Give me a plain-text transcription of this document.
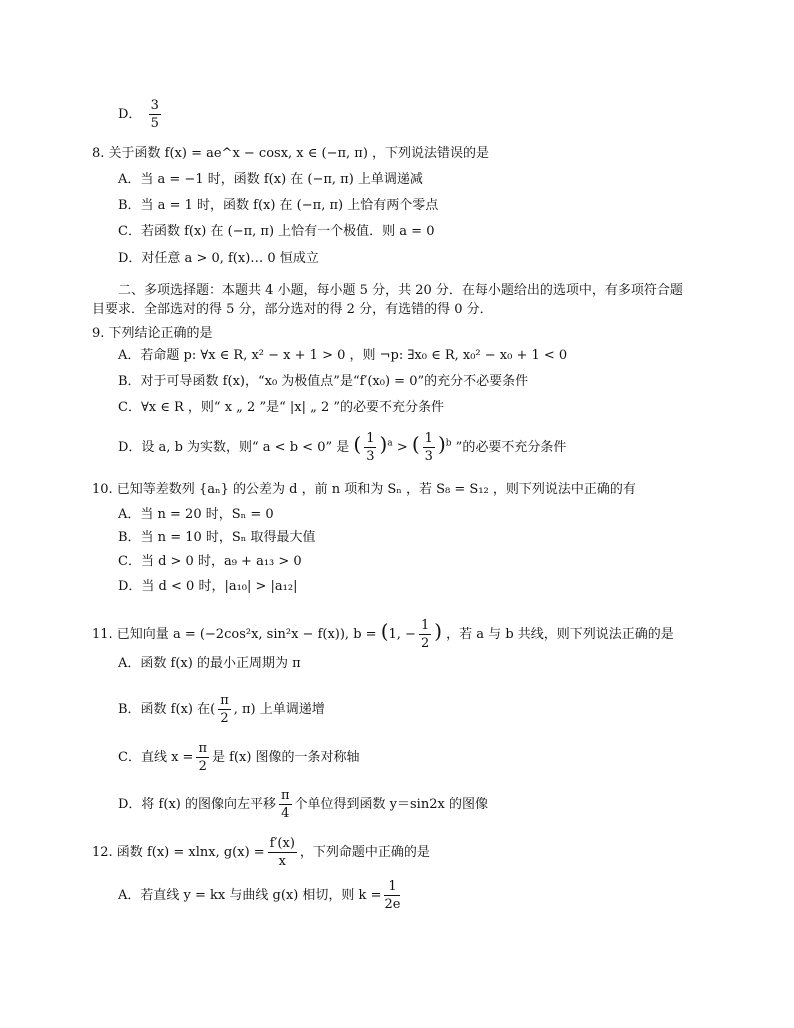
D． $\frac{3}{5}$
8. 关于函数 f(x) = ae^x − cosx, x ∈ (−π, π) ，下列说法错误的是
A．当 a = −1 时，函数 f(x) 在 (−π, π) 上单调递减
B．当 a = 1 时，函数 f(x) 在 (−π, π) 上恰有两个零点
C．若函数 f(x) 在 (−π, π) 上恰有一个极值．则 a = 0
D．对任意 a > 0, f(x)… 0 恒成立
二、多项选择题：本题共 4 小题，每小题 5 分，共 20 分．在每小题给出的选项中，有多项符合题
目要求．全部选对的得 5 分，部分选对的得 2 分，有选错的得 0 分．
9. 下列结论正确的是
A．若命题 p: ∀x ∈ R, x² − x + 1 > 0 ，则 ¬p: ∃x₀ ∈ R, x₀² − x₀ + 1 < 0
B．对于可导函数 f(x)，“x₀ 为极值点”是“f′(x₀) = 0”的充分不必要条件
C．∀x ∈ R ，则“ x „ 2 ”是“ |x| „ 2 ”的必要不充分条件
D．设 a, b 为实数，则“ a < b < 0” 是 ( $\frac{1}{3} )^a$ > ( $\frac{1}{3} )^b$ ”的必要不充分条件
10. 已知等差数列 {aₙ} 的公差为 d ，前 n 项和为 Sₙ ，若 S₈ = S₁₂ ，则下列说法中正确的有
A．当 n = 20 时，Sₙ = 0
B．当 n = 10 时，Sₙ 取得最大值
C．当 d > 0 时，a₉ + a₁₃ > 0
D．当 d < 0 时，|a₁₀| > |a₁₂|
11. 已知向量 a = (−2cos²x, sin²x − f(x)), b = (1, − $\frac{1}{2}$ ) ，若 a 与 b 共线，则下列说法正确的是
A．函数 f(x) 的最小正周期为 π
B．函数 f(x) 在( $\frac{\pi}{2}$ , π) 上单调递增
C．直线 $x = \frac{\pi}{2}$ 是 f(x) 图像的一条对称轴
D．将 f(x) 的图像向左平移 $\frac{\pi}{4}$ 个单位得到函数 y＝sin2x 的图像
12. 函数 f(x) = xlnx, $g(x) = \frac{f'(x)}{x}$ ，下列命题中正确的是
A．若直线 y = kx 与曲线 g(x) 相切，则 $k = \frac{1}{2e}$
